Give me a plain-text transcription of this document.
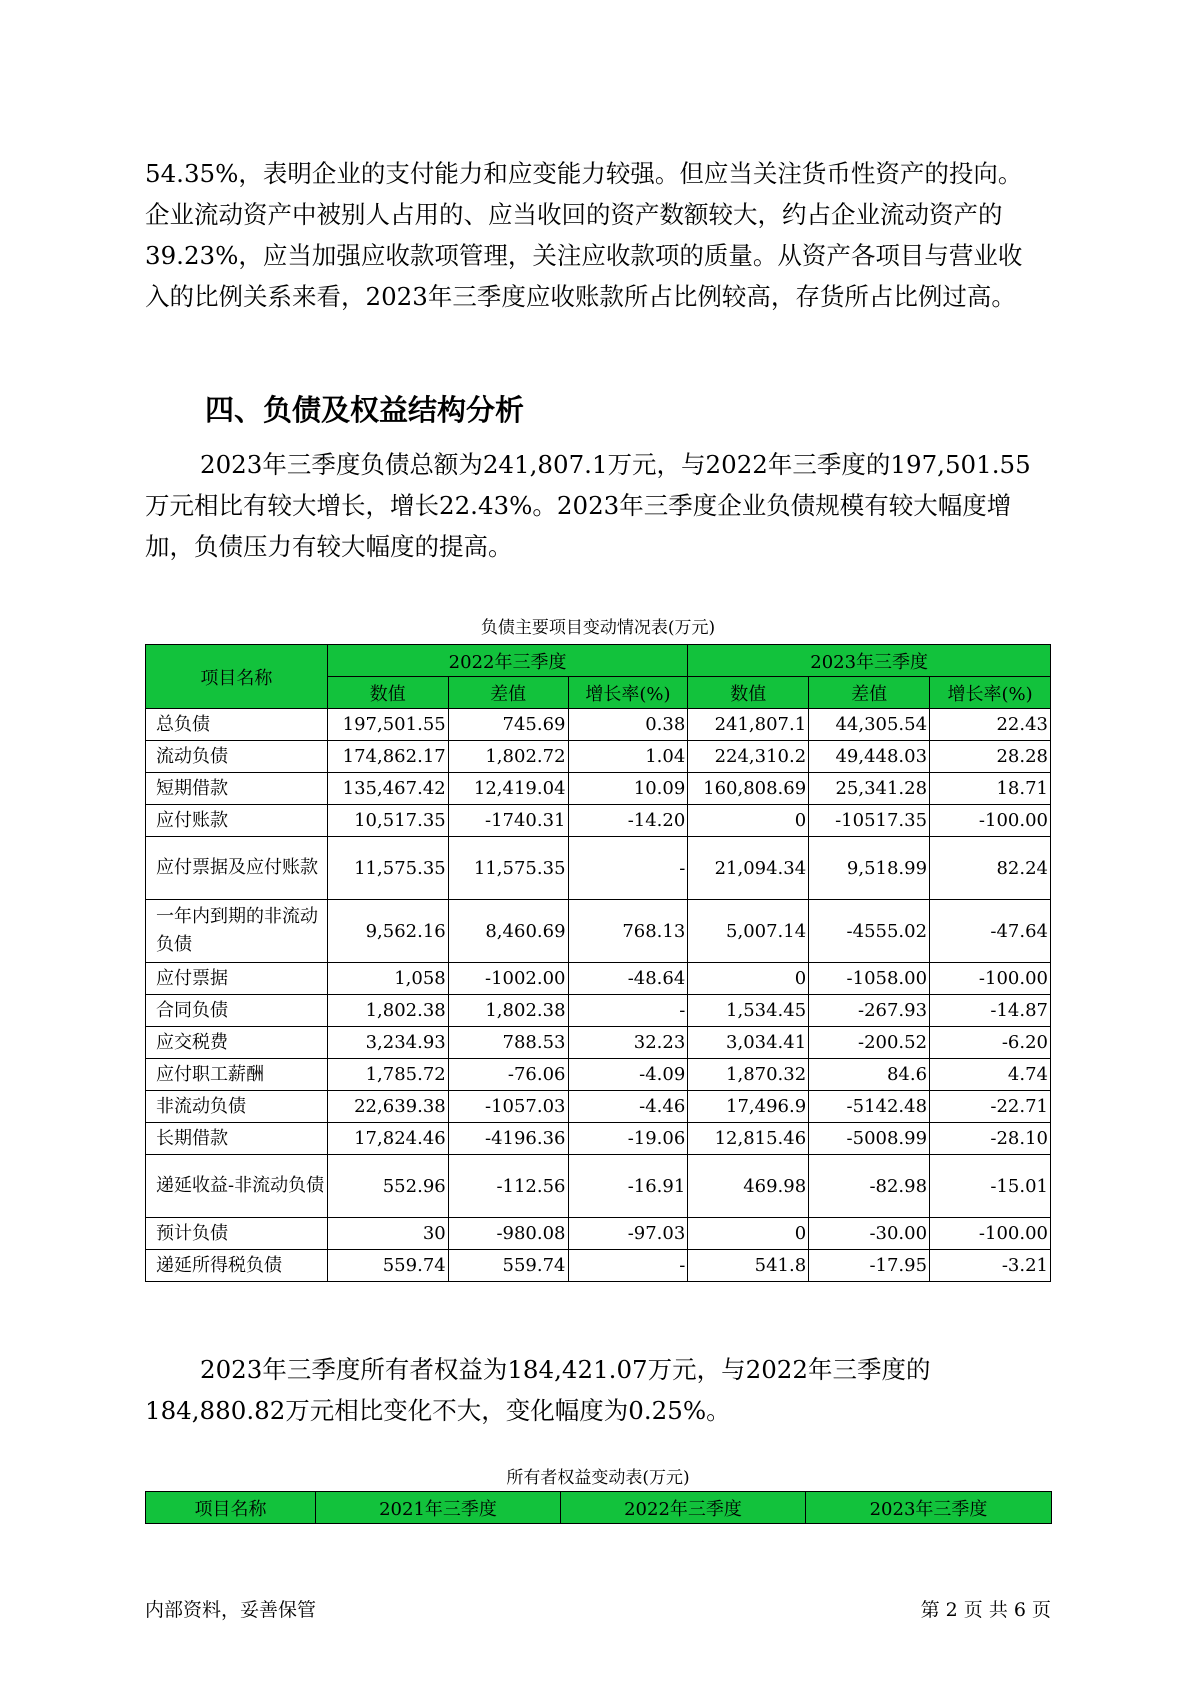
54.35%，表明企业的支付能力和应变能力较强。但应当关注货币性资产的投向。企业流动资产中被别人占用的、应当收回的资产数额较大，约占企业流动资产的39.23%，应当加强应收款项管理，关注应收款项的质量。从资产各项目与营业收入的比例关系来看，2023年三季度应收账款所占比例较高，存货所占比例过高。

四、负债及权益结构分析

2023年三季度负债总额为241,807.1万元，与2022年三季度的197,501.55万元相比有较大增长，增长22.43%。2023年三季度企业负债规模有较大幅度增加，负债压力有较大幅度的提高。

负债主要项目变动情况表(万元)
项目名称	2022年三季度			2023年三季度		
	数值	差值	增长率(%)	数值	差值	增长率(%)
总负债	197,501.55	745.69	0.38	241,807.1	44,305.54	22.43
流动负债	174,862.17	1,802.72	1.04	224,310.2	49,448.03	28.28
短期借款	135,467.42	12,419.04	10.09	160,808.69	25,341.28	18.71
应付账款	10,517.35	-1740.31	-14.20	0	-10517.35	-100.00
应付票据及应付账款	11,575.35	11,575.35	-	21,094.34	9,518.99	82.24
一年内到期的非流动负债	9,562.16	8,460.69	768.13	5,007.14	-4555.02	-47.64
应付票据	1,058	-1002.00	-48.64	0	-1058.00	-100.00
合同负债	1,802.38	1,802.38	-	1,534.45	-267.93	-14.87
应交税费	3,234.93	788.53	32.23	3,034.41	-200.52	-6.20
应付职工薪酬	1,785.72	-76.06	-4.09	1,870.32	84.6	4.74
非流动负债	22,639.38	-1057.03	-4.46	17,496.9	-5142.48	-22.71
长期借款	17,824.46	-4196.36	-19.06	12,815.46	-5008.99	-28.10
递延收益-非流动负债	552.96	-112.56	-16.91	469.98	-82.98	-15.01
预计负债	30	-980.08	-97.03	0	-30.00	-100.00
递延所得税负债	559.74	559.74	-	541.8	-17.95	-3.21

2023年三季度所有者权益为184,421.07万元，与2022年三季度的184,880.82万元相比变化不大，变化幅度为0.25%。

所有者权益变动表(万元)
项目名称	2021年三季度	2022年三季度	2023年三季度
内部资料，妥善保管	第 2 页 共 6 页
